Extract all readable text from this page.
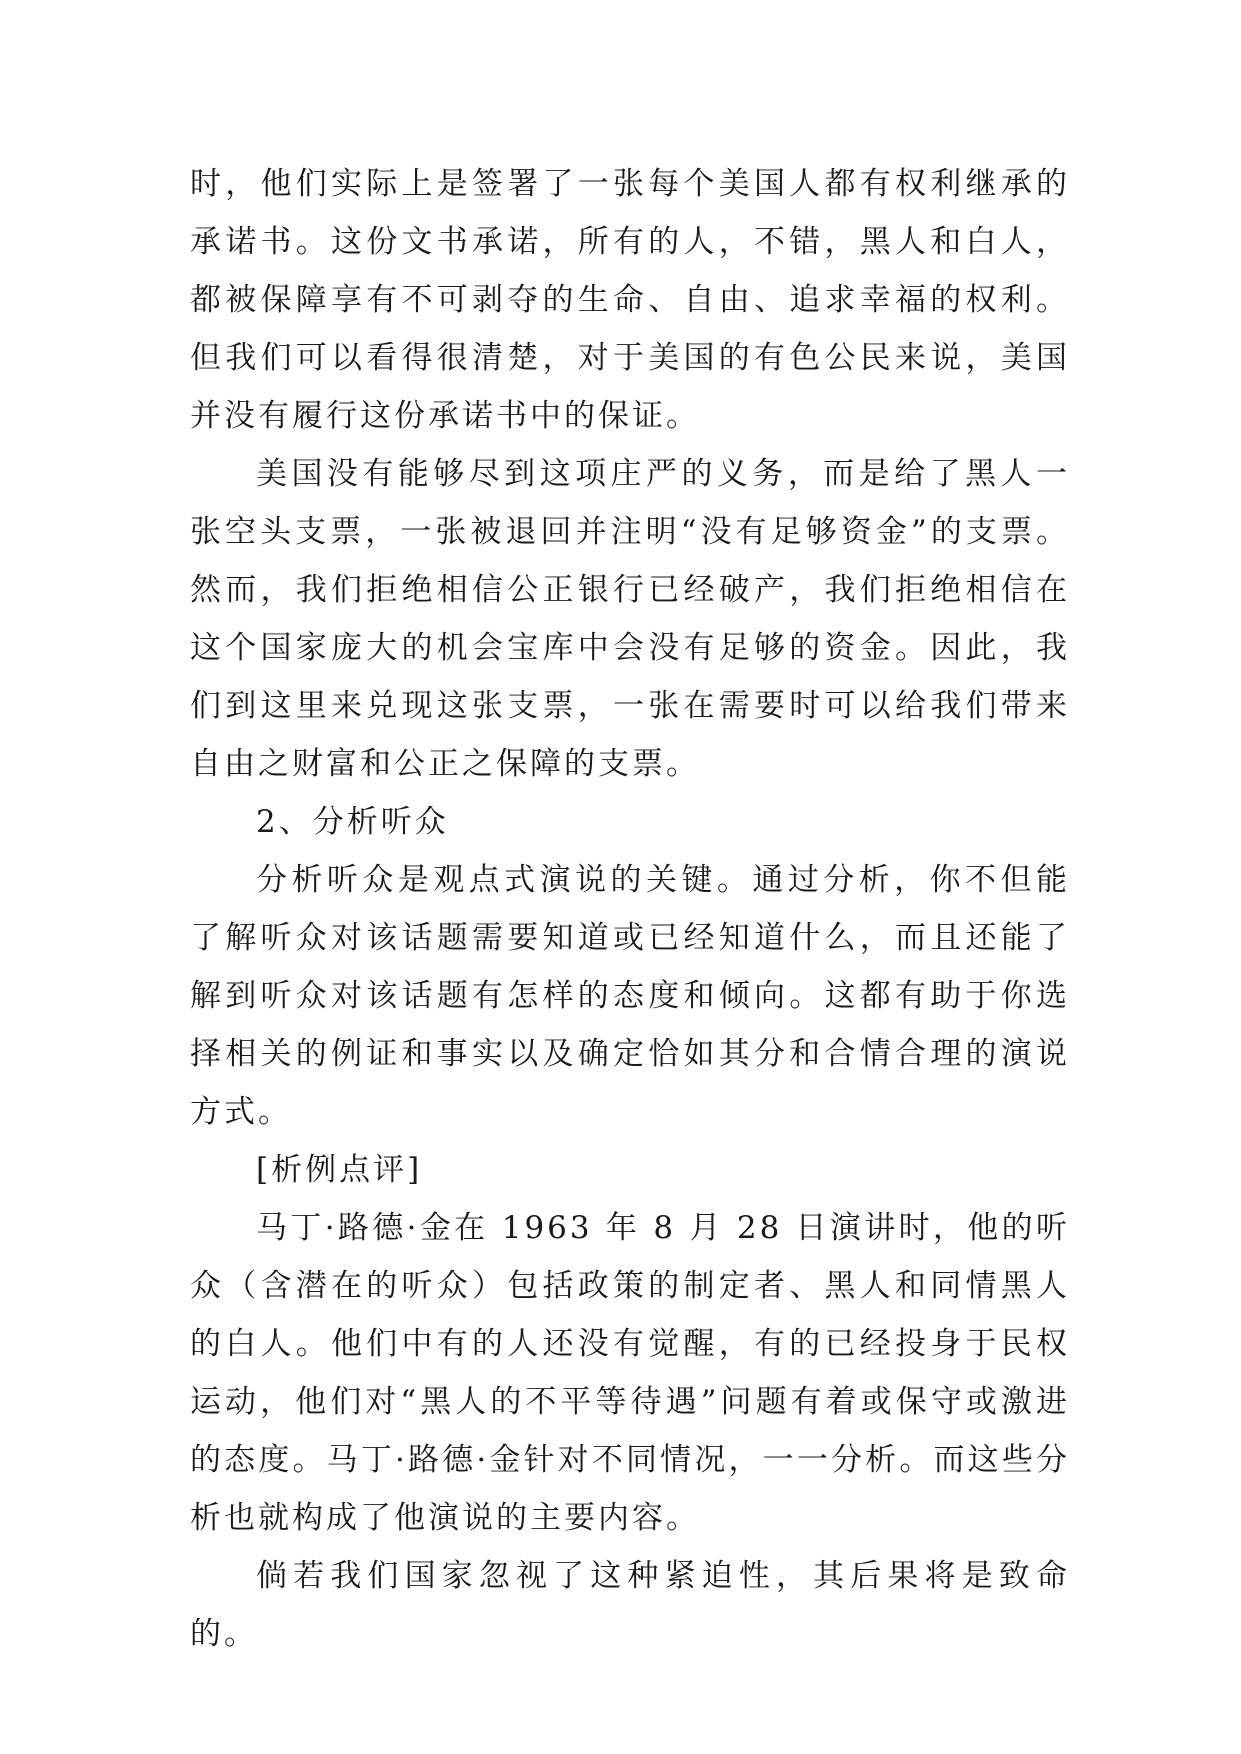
时，他们实际上是签署了一张每个美国人都有权利继承的承诺书。这份文书承诺，所有的人，不错，黑人和白人，都被保障享有不可剥夺的生命、自由、追求幸福的权利。但我们可以看得很清楚，对于美国的有色公民来说，美国并没有履行这份承诺书中的保证。

美国没有能够尽到这项庄严的义务，而是给了黑人一张空头支票，一张被退回并注明“没有足够资金”的支票。然而，我们拒绝相信公正银行已经破产，我们拒绝相信在这个国家庞大的机会宝库中会没有足够的资金。因此，我们到这里来兑现这张支票，一张在需要时可以给我们带来自由之财富和公正之保障的支票。

2、分析听众

分析听众是观点式演说的关键。通过分析，你不但能了解听众对该话题需要知道或已经知道什么，而且还能了解到听众对该话题有怎样的态度和倾向。这都有助于你选择相关的例证和事实以及确定恰如其分和合情合理的演说方式。

[析例点评]

马丁·路德·金在 1963 年 8 月 28 日演讲时，他的听众（含潜在的听众）包括政策的制定者、黑人和同情黑人的白人。他们中有的人还没有觉醒，有的已经投身于民权运动，他们对“黑人的不平等待遇”问题有着或保守或激进的态度。马丁·路德·金针对不同情况，一一分析。而这些分析也就构成了他演说的主要内容。

倘若我们国家忽视了这种紧迫性，其后果将是致命的。
